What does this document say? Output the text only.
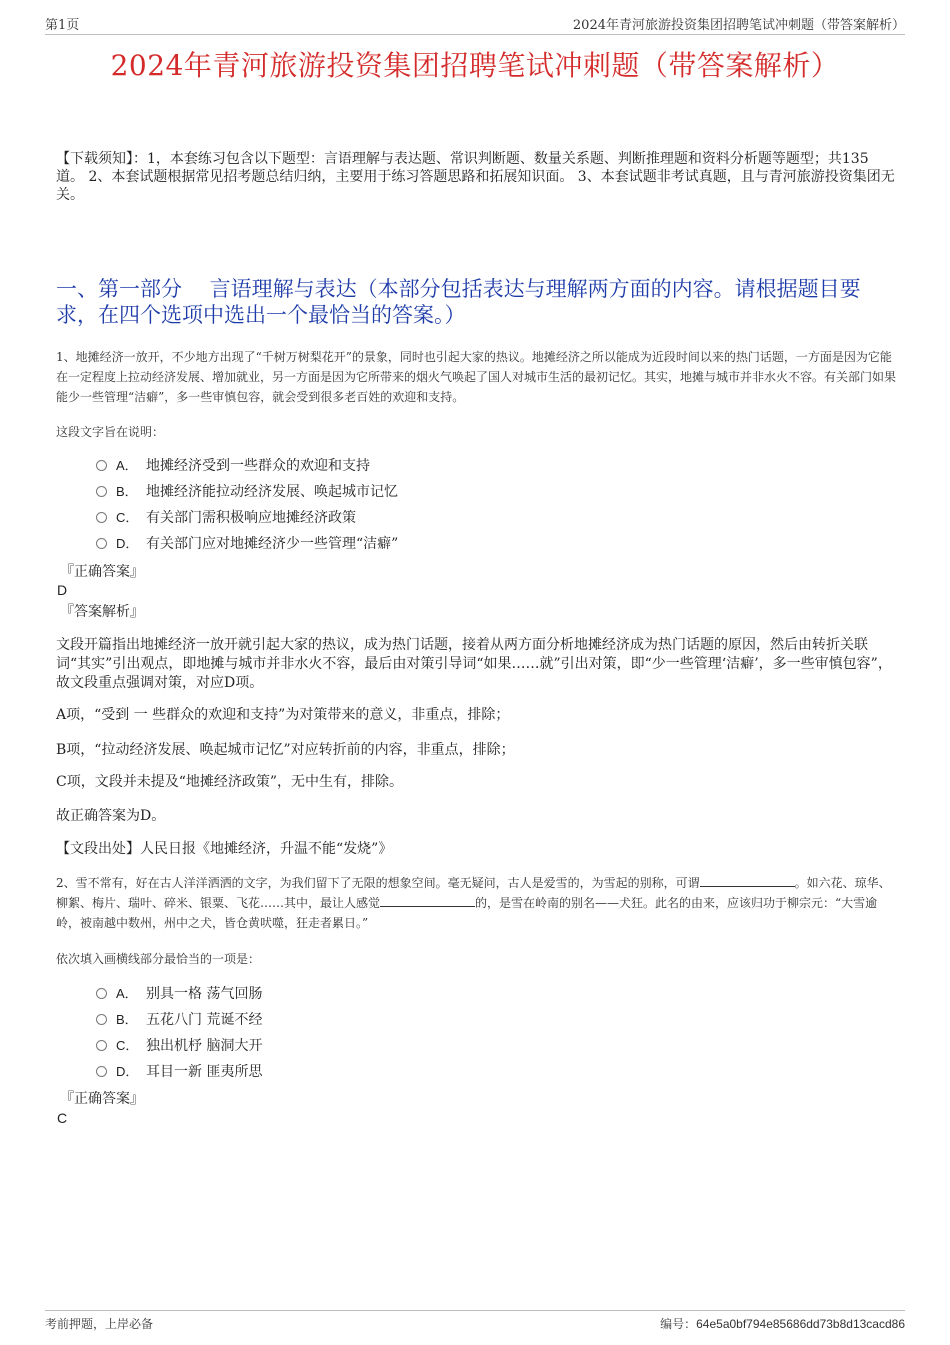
第1页	2024年青河旅游投资集团招聘笔试冲刺题（带答案解析）
2024年青河旅游投资集团招聘笔试冲刺题（带答案解析）
【下载须知】：1，本套练习包含以下题型：言语理解与表达题、常识判断题、数量关系题、判断推理题和资料分析题等题型；共135道。 2、本套试题根据常见招考题总结归纳，主要用于练习答题思路和拓展知识面。 3、本套试题非考试真题，且与青河旅游投资集团无关。
一、第一部分　 言语理解与表达（本部分包括表达与理解两方面的内容。请根据题目要求，在四个选项中选出一个最恰当的答案。）
1、地摊经济一放开，不少地方出现了“千树万树梨花开”的景象，同时也引起大家的热议。地摊经济之所以能成为近段时间以来的热门话题，一方面是因为它能在一定程度上拉动经济发展、增加就业，另一方面是因为它所带来的烟火气唤起了国人对城市生活的最初记忆。其实，地摊与城市并非水火不容。有关部门如果能少一些管理“洁癖”，多一些审慎包容，就会受到很多老百姓的欢迎和支持。
这段文字旨在说明：
A． 地摊经济受到一些群众的欢迎和支持
B． 地摊经济能拉动经济发展、唤起城市记忆
C． 有关部门需积极响应地摊经济政策
D． 有关部门应对地摊经济少一些管理“洁癖”
『正确答案』
D
『答案解析』
文段开篇指出地摊经济一放开就引起大家的热议，成为热门话题，接着从两方面分析地摊经济成为热门话题的原因，然后由转折关联词“其实”引出观点，即地摊与城市并非水火不容，最后由对策引导词“如果……就”引出对策，即“少一些管理‘洁癖’，多一些审慎包容”，故文段重点强调对策，对应D项。
A项，“受到 一 些群众的欢迎和支持”为对策带来的意义，非重点，排除；
B项，“拉动经济发展、唤起城市记忆”对应转折前的内容，非重点，排除；
C项，文段并未提及“地摊经济政策”，无中生有，排除。
故正确答案为D。
【文段出处】人民日报《地摊经济，升温不能“发烧”》
2、雪不常有，好在古人洋洋洒洒的文字，为我们留下了无限的想象空间。毫无疑问，古人是爱雪的，为雪起的别称，可谓	。如六花、琼华、柳絮、梅片、瑞叶、碎米、银粟、飞花……其中，最让人感觉	的，是雪在岭南的别名——犬狂。此名的由来，应该归功于柳宗元：“大雪逾岭，被南越中数州，州中之犬，皆仓黄吠噬，狂走者累日。”
依次填入画横线部分最恰当的一项是：
A． 别具一格 荡气回肠
B． 五花八门 荒诞不经
C． 独出机杼 脑洞大开
D． 耳目一新 匪夷所思
『正确答案』
C
考前押题，上岸必备	编号：64e5a0bf794e85686dd73b8d13cacd86
